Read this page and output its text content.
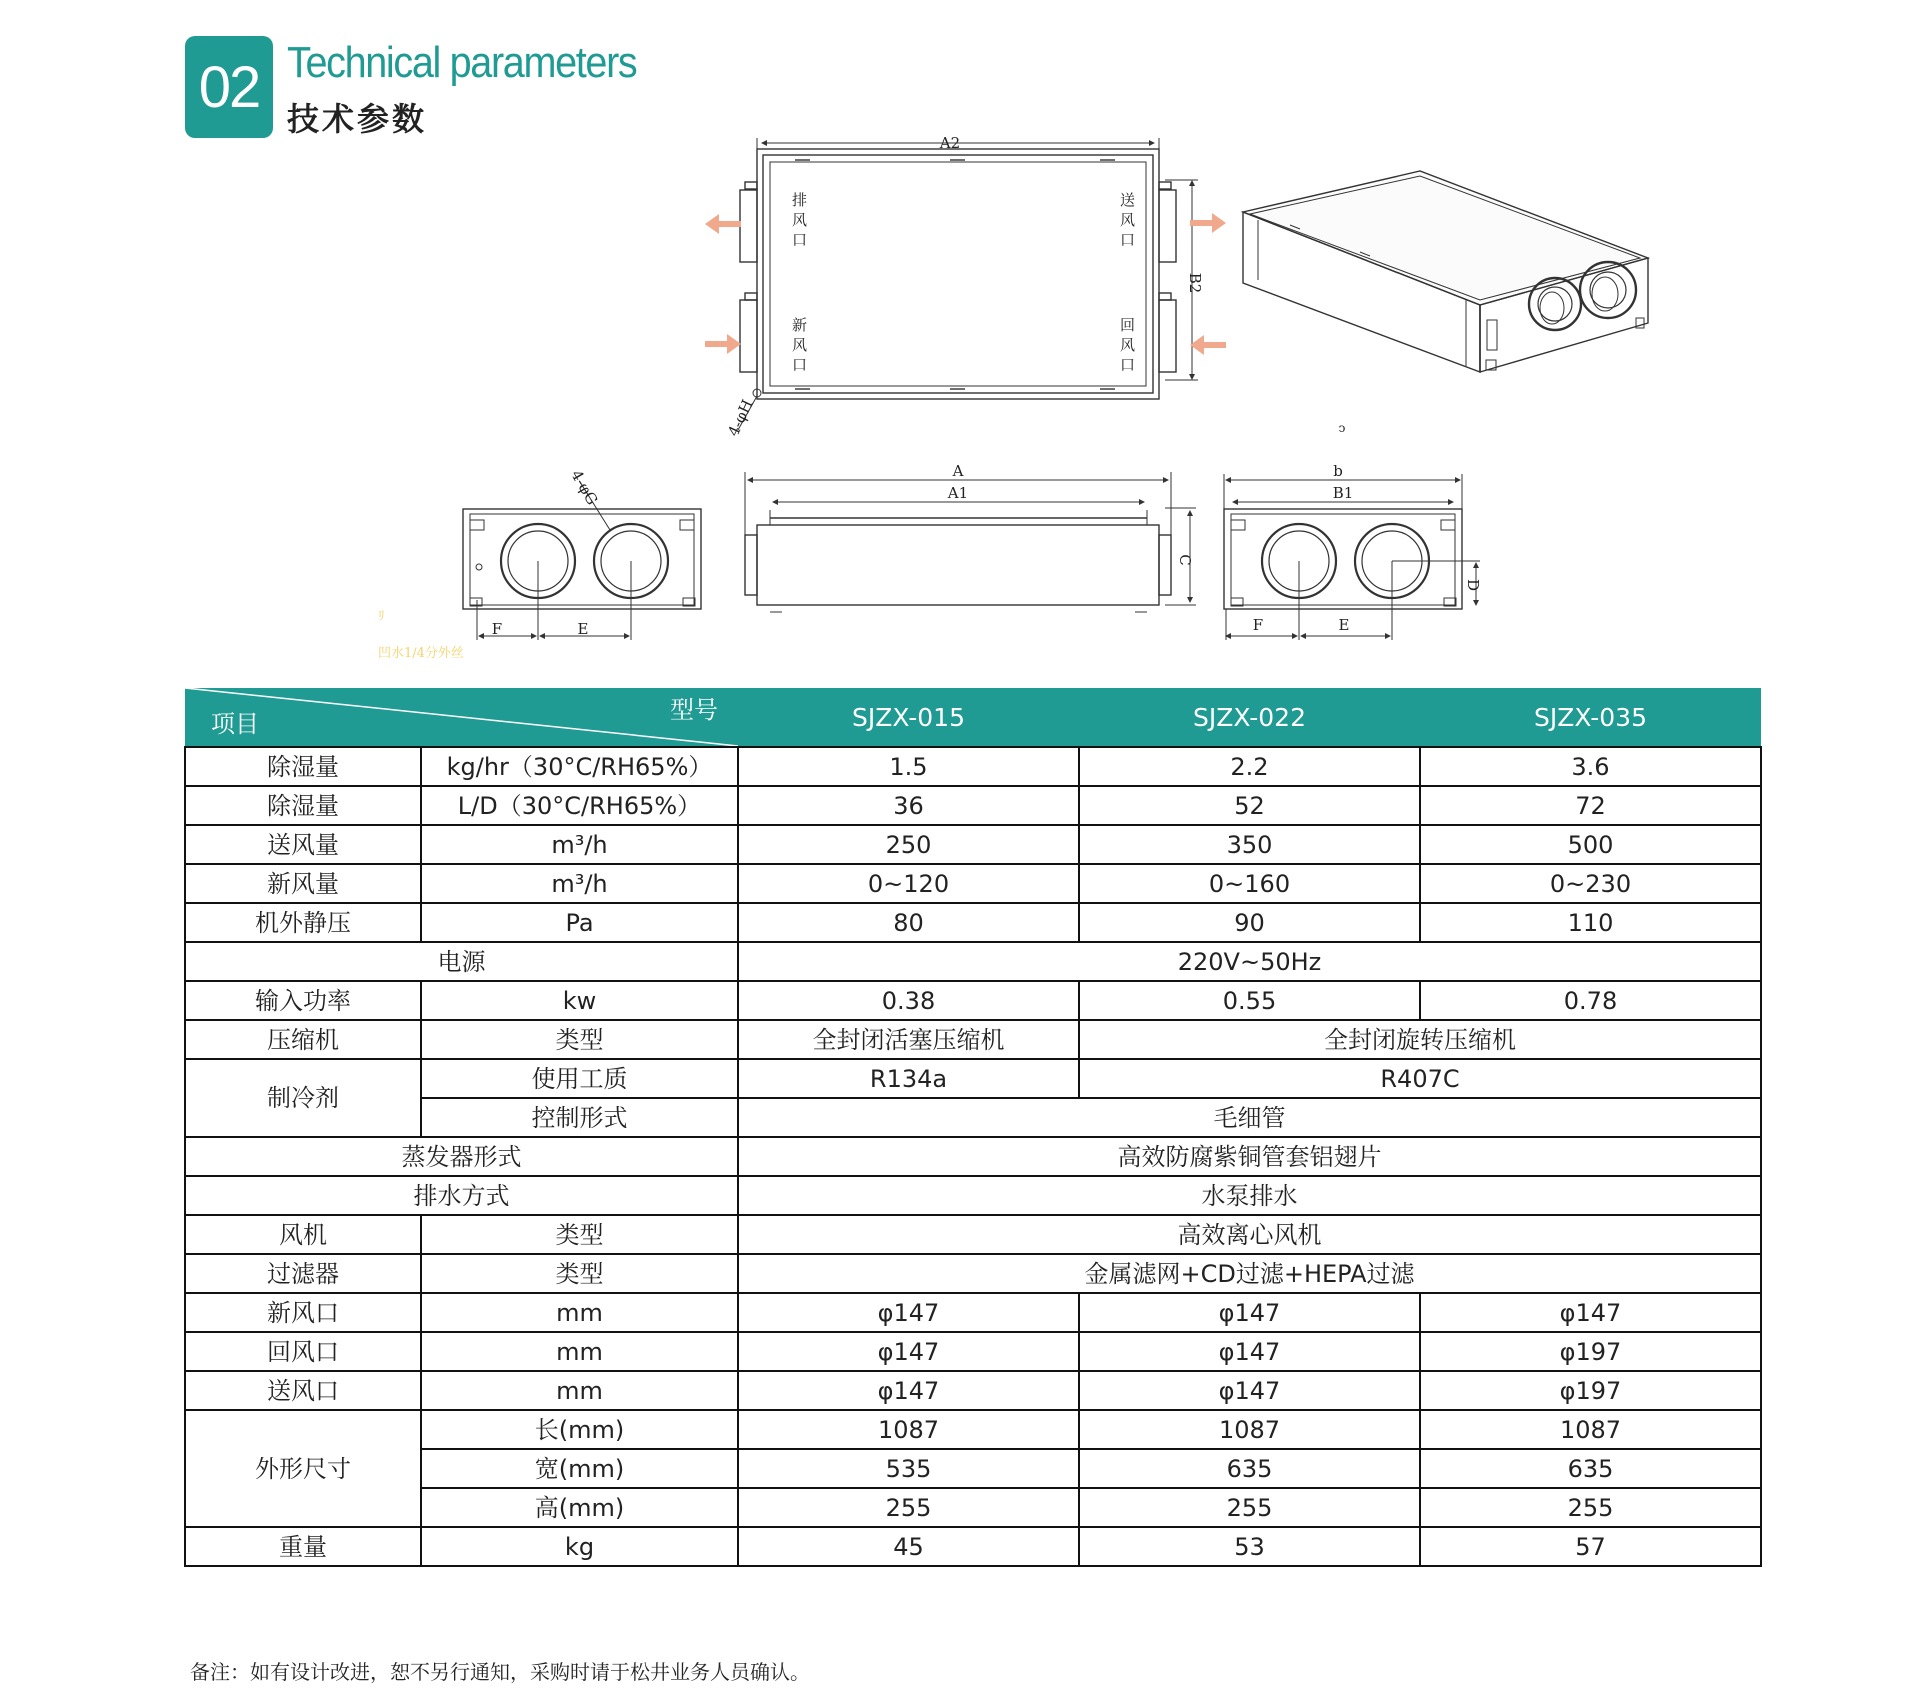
02 Technical parameters
技术参数
A2
B2
A
A1
b
B1
C
D
F	E	F	E
4-φH
4-φG
ↄ
排风口
新风口
送风口
回风口
ﾘ
凹水1/4分外丝
项目 型号		SJZX-015	SJZX-022	SJZX-035
除湿量	kg/hr（30°C/RH65%）	1.5	2.2	3.6
除湿量	L/D（30°C/RH65%）	36	52	72
送风量	m³/h	250	350	500
新风量	m³/h	0~120	0~160	0~230
机外静压	Pa	80	90	110
电源		220V~50Hz		
输入功率	kw	0.38	0.55	0.78
压缩机	类型	全封闭活塞压缩机	全封闭旋转压缩机	
制冷剂	使用工质	R134a	R407C	
	控制形式	毛细管		
蒸发器形式		高效防腐紫铜管套铝翅片		
排水方式		水泵排水		
风机	类型	高效离心风机		
过滤器	类型	金属滤网+CD过滤+HEPA过滤		
新风口	mm	φ147	φ147	φ147
回风口	mm	φ147	φ147	φ197
送风口	mm	φ147	φ147	φ197
外形尺寸	长(mm)	1087	1087	1087
	宽(mm)	535	635	635
	高(mm)	255	255	255
重量	kg	45	53	57
备注：如有设计改进，恕不另行通知，采购时请于松井业务人员确认。
